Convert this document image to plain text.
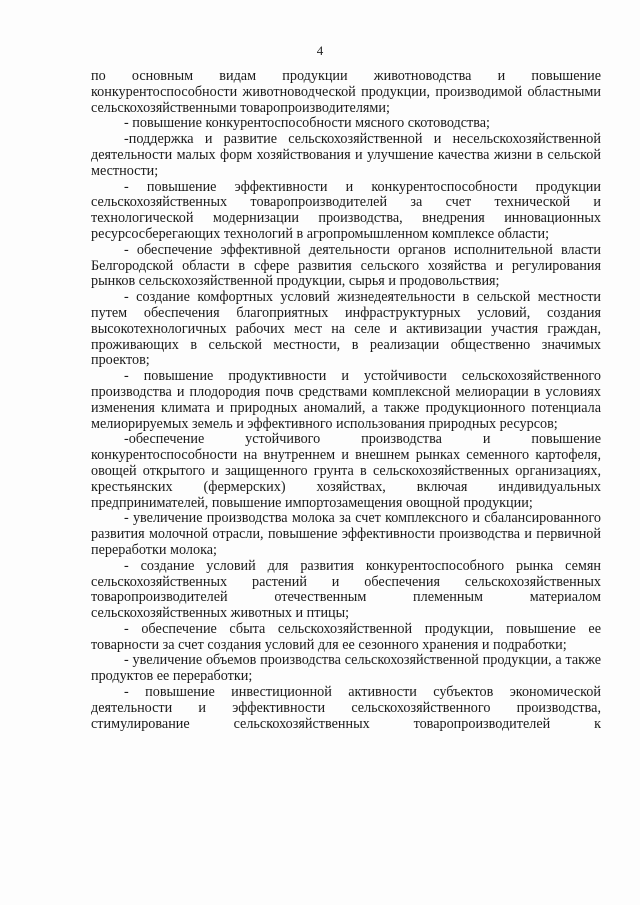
4

по основным видам продукции животноводства и повышение конкурентоспособности животноводческой продукции, производимой областными сельскохозяйственными товаропроизводителями;

- повышение конкурентоспособности мясного скотоводства;

-поддержка и развитие сельскохозяйственной и несельскохозяйственной деятельности малых форм хозяйствования и улучшение качества жизни в сельской местности;

- повышение эффективности и конкурентоспособности продукции сельскохозяйственных товаропроизводителей за счет технической и технологической модернизации производства, внедрения инновационных ресурсосберегающих технологий в агропромышленном комплексе области;

- обеспечение эффективной деятельности органов исполнительной власти Белгородской области в сфере развития сельского хозяйства и регулирования рынков сельскохозяйственной продукции, сырья и продовольствия;

- создание комфортных условий жизнедеятельности в сельской местности путем обеспечения благоприятных инфраструктурных условий, создания высокотехнологичных рабочих мест на селе и активизации участия граждан, проживающих в сельской местности, в реализации общественно значимых проектов;

- повышение продуктивности и устойчивости сельскохозяйственного производства и плодородия почв средствами комплексной мелиорации в условиях изменения климата и природных аномалий, а также продукционного потенциала мелиорируемых земель и эффективного использования природных ресурсов;

-обеспечение устойчивого производства и повышение конкурентоспособности на внутреннем и внешнем рынках семенного картофеля, овощей открытого и защищенного грунта в сельскохозяйственных организациях, крестьянских (фермерских) хозяйствах, включая индивидуальных предпринимателей, повышение импортозамещения овощной продукции;

- увеличение производства молока за счет комплексного и сбалансированного развития молочной отрасли, повышение эффективности производства и первичной переработки молока;

- создание условий для развития конкурентоспособного рынка семян сельскохозяйственных растений и обеспечения сельскохозяйственных товаропроизводителей отечественным племенным материалом сельскохозяйственных животных и птицы;

- обеспечение сбыта сельскохозяйственной продукции, повышение ее товарности за счет создания условий для ее сезонного хранения и подработки;

- увеличение объемов производства сельскохозяйственной продукции, а также продуктов ее переработки;

- повышение инвестиционной активности субъектов экономической деятельности и эффективности сельскохозяйственного производства, стимулирование сельскохозяйственных товаропроизводителей к
